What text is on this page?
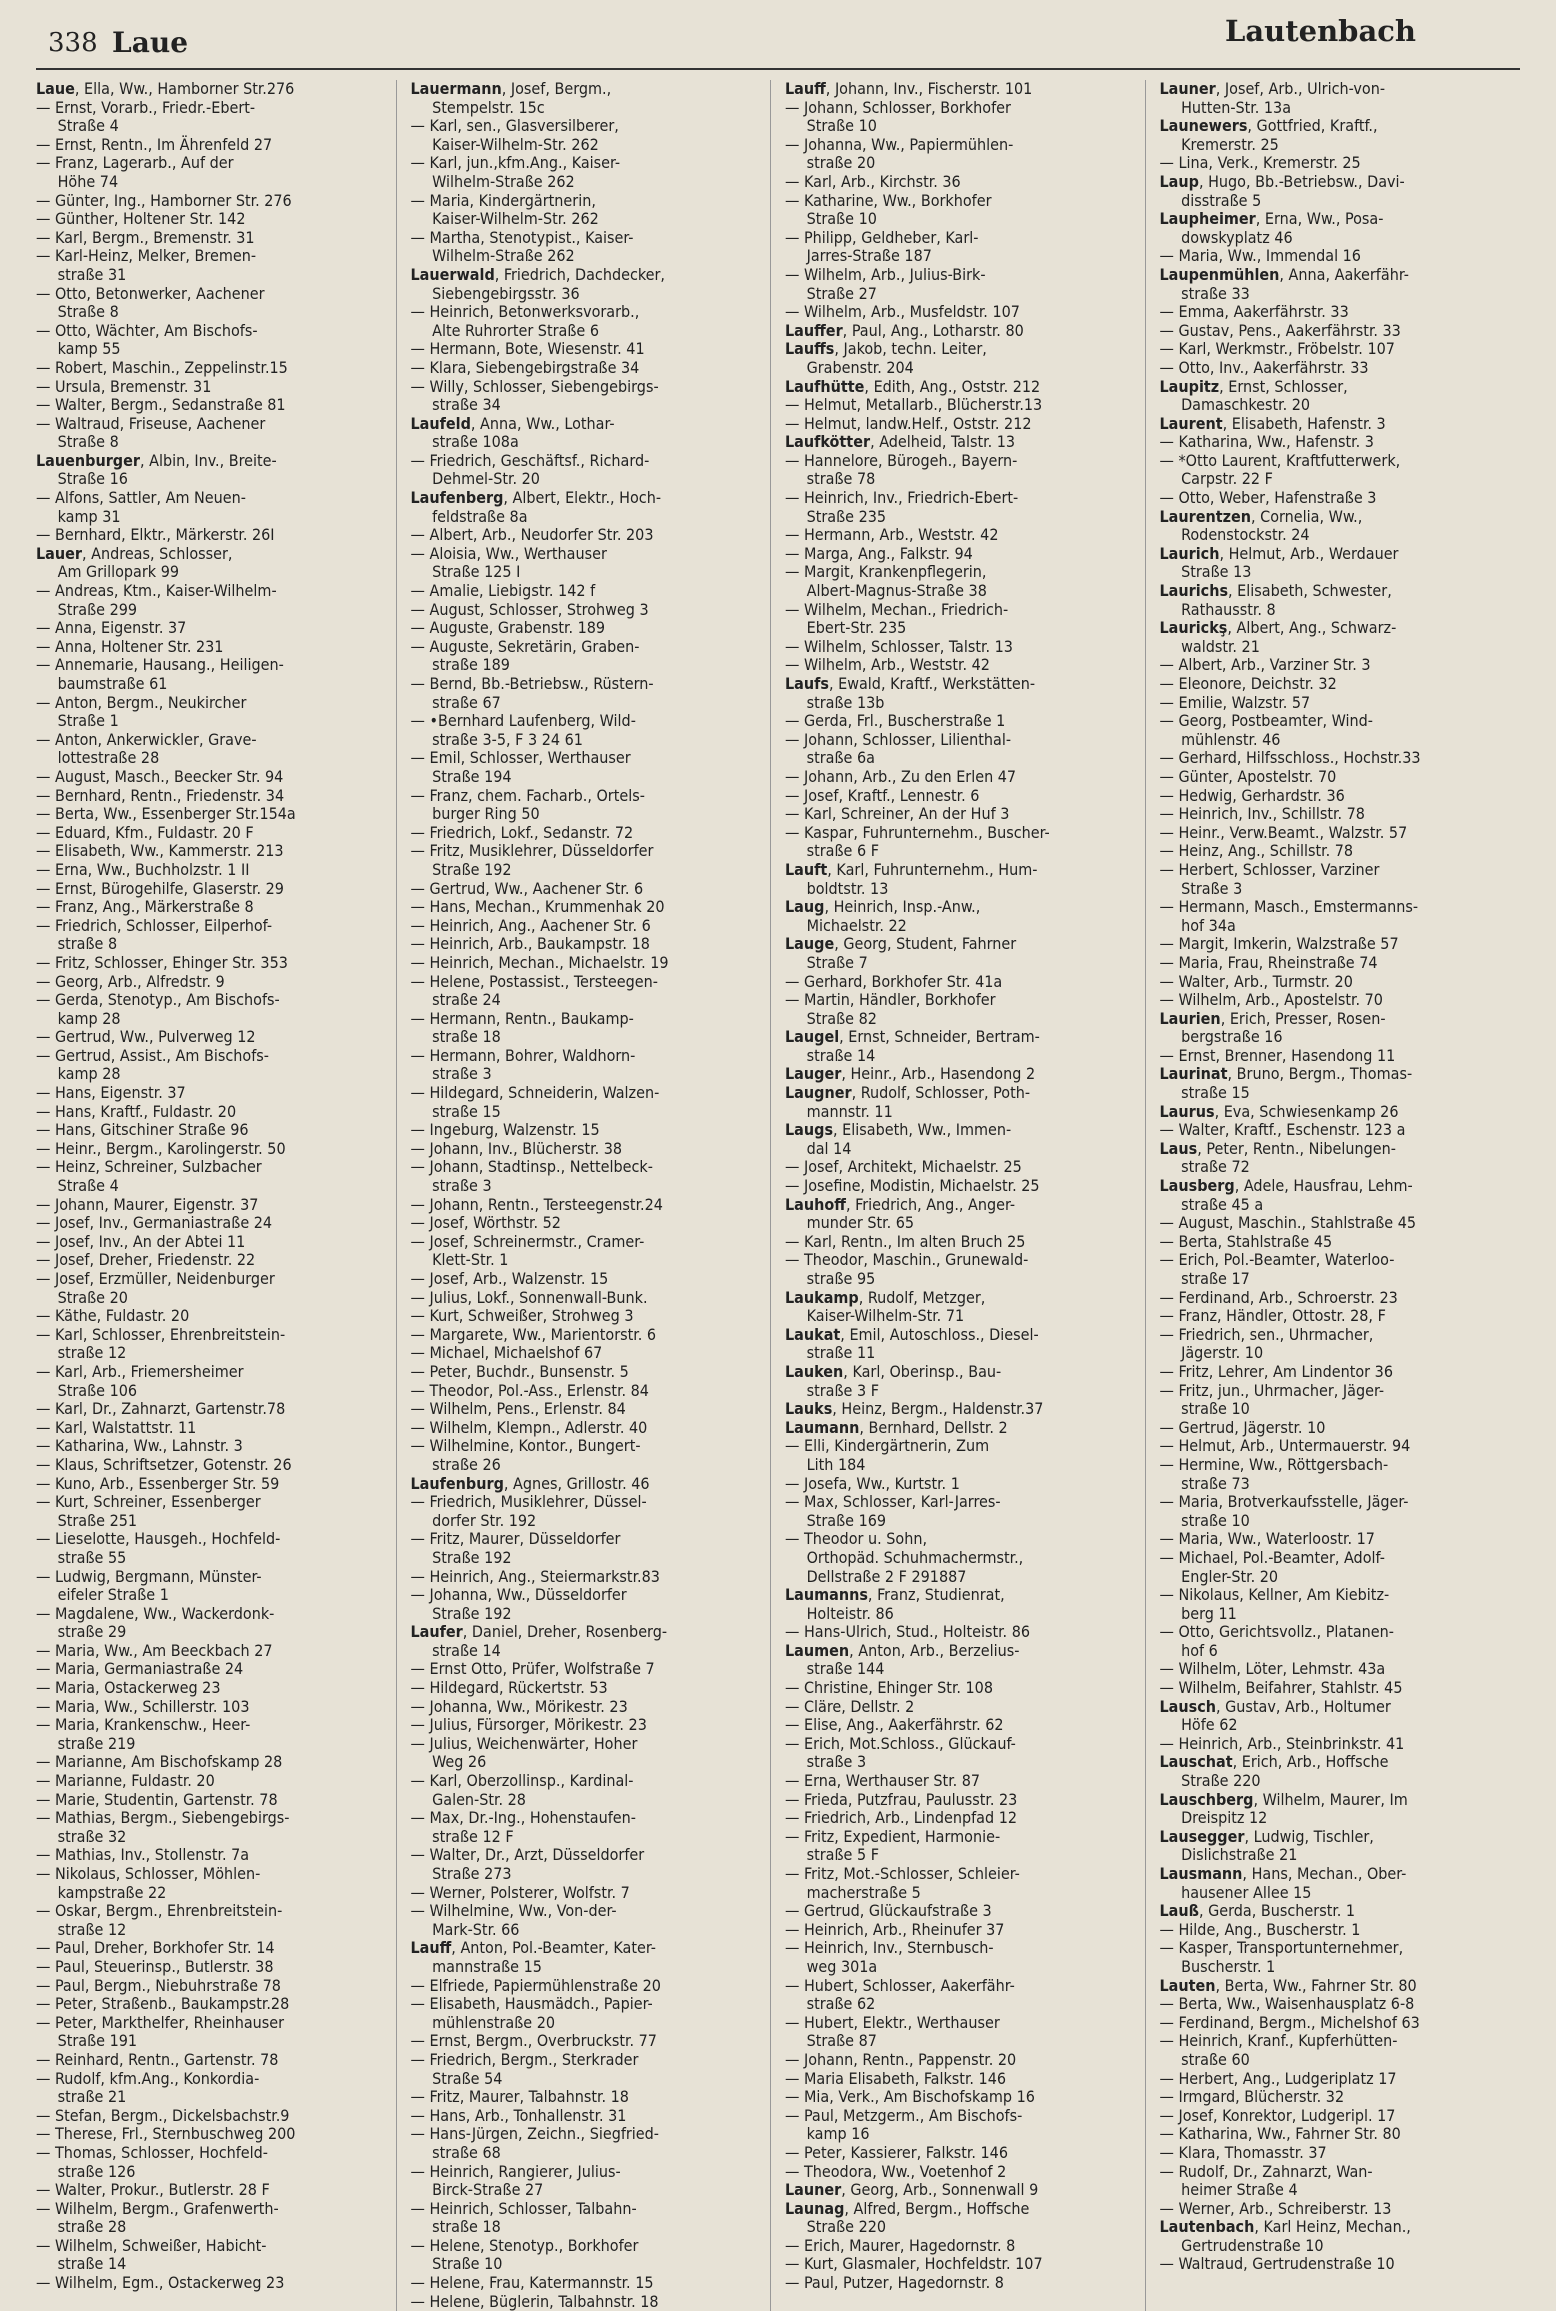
338 Laue	Lautenbach
Laue, Ella, Ww., Hamborner Str.276
— Ernst, Vorarb., Friedr.-Ebert-
  Straße 4
— Ernst, Rentn., Im Ährenfeld 27
— Franz, Lagerarb., Auf der
  Höhe 74
— Günter, Ing., Hamborner Str. 276
— Günther, Holtener Str. 142
— Karl, Bergm., Bremenstr. 31
— Karl-Heinz, Melker, Bremen-
  straße 31
— Otto, Betonwerker, Aachener
  Straße 8
— Otto, Wächter, Am Bischofs-
  kamp 55
— Robert, Maschin., Zeppelinstr.15
— Ursula, Bremenstr. 31
— Walter, Bergm., Sedanstraße 81
— Waltraud, Friseuse, Aachener
  Straße 8
Lauenburger, Albin, Inv., Breite-
  Straße 16
— Alfons, Sattler, Am Neuen-
  kamp 31
— Bernhard, Elktr., Märkerstr. 26I
Lauer, Andreas, Schlosser,
  Am Grillopark 99
— Andreas, Ktm., Kaiser-Wilhelm-
  Straße 299
— Anna, Eigenstr. 37
— Anna, Holtener Str. 231
— Annemarie, Hausang., Heiligen-
  baumstraße 61
— Anton, Bergm., Neukircher
  Straße 1
— Anton, Ankerwickler, Grave-
  lottestraße 28
— August, Masch., Beecker Str. 94
— Bernhard, Rentn., Friedenstr. 34
— Berta, Ww., Essenberger Str.154a
— Eduard, Kfm., Fuldastr. 20 F
— Elisabeth, Ww., Kammerstr. 213
— Erna, Ww., Buchholzstr. 1 II
— Ernst, Bürogehilfe, Glaserstr. 29
— Franz, Ang., Märkerstraße 8
— Friedrich, Schlosser, Eilperhof-
  straße 8
— Fritz, Schlosser, Ehinger Str. 353
— Georg, Arb., Alfredstr. 9
— Gerda, Stenotyp., Am Bischofs-
  kamp 28
— Gertrud, Ww., Pulverweg 12
— Gertrud, Assist., Am Bischofs-
  kamp 28
— Hans, Eigenstr. 37
— Hans, Kraftf., Fuldastr. 20
— Hans, Gitschiner Straße 96
— Heinr., Bergm., Karolingerstr. 50
— Heinz, Schreiner, Sulzbacher
  Straße 4
— Johann, Maurer, Eigenstr. 37
— Josef, Inv., Germaniastraße 24
— Josef, Inv., An der Abtei 11
— Josef, Dreher, Friedenstr. 22
— Josef, Erzmüller, Neidenburger
  Straße 20
— Käthe, Fuldastr. 20
— Karl, Schlosser, Ehrenbreitstein-
  straße 12
— Karl, Arb., Friemersheimer
  Straße 106
— Karl, Dr., Zahnarzt, Gartenstr.78
— Karl, Walstattstr. 11
— Katharina, Ww., Lahnstr. 3
— Klaus, Schriftsetzer, Gotenstr. 26
— Kuno, Arb., Essenberger Str. 59
— Kurt, Schreiner, Essenberger
  Straße 251
— Lieselotte, Hausgeh., Hochfeld-
  straße 55
— Ludwig, Bergmann, Münster-
  eifeler Straße 1
— Magdalene, Ww., Wackerdonk-
  straße 29
— Maria, Ww., Am Beeckbach 27
— Maria, Germaniastraße 24
— Maria, Ostackerweg 23
— Maria, Ww., Schillerstr. 103
— Maria, Krankenschw., Heer-
  straße 219
— Marianne, Am Bischofskamp 28
— Marianne, Fuldastr. 20
— Marie, Studentin, Gartenstr. 78
— Mathias, Bergm., Siebengebirgs-
  straße 32
— Mathias, Inv., Stollenstr. 7a
— Nikolaus, Schlosser, Möhlen-
  kampstraße 22
— Oskar, Bergm., Ehrenbreitstein-
  straße 12
— Paul, Dreher, Borkhofer Str. 14
— Paul, Steuerinsp., Butlerstr. 38
— Paul, Bergm., Niebuhrstraße 78
— Peter, Straßenb., Baukampstr.28
— Peter, Markthelfer, Rheinhauser
  Straße 191
— Reinhard, Rentn., Gartenstr. 78
— Rudolf, kfm.Ang., Konkordia-
  straße 21
— Stefan, Bergm., Dickelsbachstr.9
— Therese, Frl., Sternbuschweg 200
— Thomas, Schlosser, Hochfeld-
  straße 126
— Walter, Prokur., Butlerstr. 28 F
— Wilhelm, Bergm., Grafenwerth-
  straße 28
— Wilhelm, Schweißer, Habicht-
  straße 14
— Wilhelm, Egm., Ostackerweg 23
Lauermann, Josef, Bergm.,
  Stempelstr. 15c
— Karl, sen., Glasversilberer,
  Kaiser-Wilhelm-Str. 262
— Karl, jun.,kfm.Ang., Kaiser-
  Wilhelm-Straße 262
— Maria, Kindergärtnerin,
  Kaiser-Wilhelm-Str. 262
— Martha, Stenotypist., Kaiser-
  Wilhelm-Straße 262
Lauerwald, Friedrich, Dachdecker,
  Siebengebirgsstr. 36
— Heinrich, Betonwerksvorarb.,
  Alte Ruhrorter Straße 6
— Hermann, Bote, Wiesenstr. 41
— Klara, Siebengebirgstraße 34
— Willy, Schlosser, Siebengebirgs-
  straße 34
Laufeld, Anna, Ww., Lothar-
  straße 108a
— Friedrich, Geschäftsf., Richard-
  Dehmel-Str. 20
Laufenberg, Albert, Elektr., Hoch-
  feldstraße 8a
— Albert, Arb., Neudorfer Str. 203
— Aloisia, Ww., Werthauser
  Straße 125 I
— Amalie, Liebigstr. 142 f
— August, Schlosser, Strohweg 3
— Auguste, Grabenstr. 189
— Auguste, Sekretärin, Graben-
  straße 189
— Bernd, Bb.-Betriebsw., Rüstern-
  straße 67
— •Bernhard Laufenberg, Wild-
  straße 3-5, F 3 24 61
— Emil, Schlosser, Werthauser
  Straße 194
— Franz, chem. Facharb., Ortels-
  burger Ring 50
— Friedrich, Lokf., Sedanstr. 72
— Fritz, Musiklehrer, Düsseldorfer
  Straße 192
— Gertrud, Ww., Aachener Str. 6
— Hans, Mechan., Krummenhak 20
— Heinrich, Ang., Aachener Str. 6
— Heinrich, Arb., Baukampstr. 18
— Heinrich, Mechan., Michaelstr. 19
— Helene, Postassist., Tersteegen-
  straße 24
— Hermann, Rentn., Baukamp-
  straße 18
— Hermann, Bohrer, Waldhorn-
  straße 3
— Hildegard, Schneiderin, Walzen-
  straße 15
— Ingeburg, Walzenstr. 15
— Johann, Inv., Blücherstr. 38
— Johann, Stadtinsp., Nettelbeck-
  straße 3
— Johann, Rentn., Tersteegenstr.24
— Josef, Wörthstr. 52
— Josef, Schreinermstr., Cramer-
  Klett-Str. 1
— Josef, Arb., Walzenstr. 15
— Julius, Lokf., Sonnenwall-Bunk.
— Kurt, Schweißer, Strohweg 3
— Margarete, Ww., Marientorstr. 6
— Michael, Michaelshof 67
— Peter, Buchdr., Bunsenstr. 5
— Theodor, Pol.-Ass., Erlenstr. 84
— Wilhelm, Pens., Erlenstr. 84
— Wilhelm, Klempn., Adlerstr. 40
— Wilhelmine, Kontor., Bungert-
  straße 26
Laufenburg, Agnes, Grillostr. 46
— Friedrich, Musiklehrer, Düssel-
  dorfer Str. 192
— Fritz, Maurer, Düsseldorfer
  Straße 192
— Heinrich, Ang., Steiermarkstr.83
— Johanna, Ww., Düsseldorfer
  Straße 192
Laufer, Daniel, Dreher, Rosenberg-
  straße 14
— Ernst Otto, Prüfer, Wolfstraße 7
— Hildegard, Rückertstr. 53
— Johanna, Ww., Mörikestr. 23
— Julius, Fürsorger, Mörikestr. 23
— Julius, Weichenwärter, Hoher
  Weg 26
— Karl, Oberzollinsp., Kardinal-
  Galen-Str. 28
— Max, Dr.-Ing., Hohenstaufen-
  straße 12 F
— Walter, Dr., Arzt, Düsseldorfer
  Straße 273
— Werner, Polsterer, Wolfstr. 7
— Wilhelmine, Ww., Von-der-
  Mark-Str. 66
Lauff, Anton, Pol.-Beamter, Kater-
  mannstraße 15
— Elfriede, Papiermühlenstraße 20
— Elisabeth, Hausmädch., Papier-
  mühlenstraße 20
— Ernst, Bergm., Overbruckstr. 77
— Friedrich, Bergm., Sterkrader
  Straße 54
— Fritz, Maurer, Talbahnstr. 18
— Hans, Arb., Tonhallenstr. 31
— Hans-Jürgen, Zeichn., Siegfried-
  straße 68
— Heinrich, Rangierer, Julius-
  Birck-Straße 27
— Heinrich, Schlosser, Talbahn-
  straße 18
— Helene, Stenotyp., Borkhofer
  Straße 10
— Helene, Frau, Katermannstr. 15
— Helene, Büglerin, Talbahnstr. 18
Lauff, Johann, Inv., Fischerstr. 101
— Johann, Schlosser, Borkhofer
  Straße 10
— Johanna, Ww., Papiermühlen-
  straße 20
— Karl, Arb., Kirchstr. 36
— Katharine, Ww., Borkhofer
  Straße 10
— Philipp, Geldheber, Karl-
  Jarres-Straße 187
— Wilhelm, Arb., Julius-Birk-
  Straße 27
— Wilhelm, Arb., Musfeldstr. 107
Lauffer, Paul, Ang., Lotharstr. 80
Lauffs, Jakob, techn. Leiter,
  Grabenstr. 204
Laufhütte, Edith, Ang., Oststr. 212
— Helmut, Metallarb., Blücherstr.13
— Helmut, landw.Helf., Oststr. 212
Laufkötter, Adelheid, Talstr. 13
— Hannelore, Bürogeh., Bayern-
  straße 78
— Heinrich, Inv., Friedrich-Ebert-
  Straße 235
— Hermann, Arb., Weststr. 42
— Marga, Ang., Falkstr. 94
— Margit, Krankenpflegerin,
  Albert-Magnus-Straße 38
— Wilhelm, Mechan., Friedrich-
  Ebert-Str. 235
— Wilhelm, Schlosser, Talstr. 13
— Wilhelm, Arb., Weststr. 42
Laufs, Ewald, Kraftf., Werkstätten-
  straße 13b
— Gerda, Frl., Buscherstraße 1
— Johann, Schlosser, Lilienthal-
  straße 6a
— Johann, Arb., Zu den Erlen 47
— Josef, Kraftf., Lennestr. 6
— Karl, Schreiner, An der Huf 3
— Kaspar, Fuhrunternehm., Buscher-
  straße 6 F
Lauft, Karl, Fuhrunternehm., Hum-
  boldtstr. 13
Laug, Heinrich, Insp.-Anw.,
  Michaelstr. 22
Lauge, Georg, Student, Fahrner
  Straße 7
— Gerhard, Borkhofer Str. 41a
— Martin, Händler, Borkhofer
  Straße 82
Laugel, Ernst, Schneider, Bertram-
  straße 14
Lauger, Heinr., Arb., Hasendong 2
Laugner, Rudolf, Schlosser, Poth-
  mannstr. 11
Laugs, Elisabeth, Ww., Immen-
  dal 14
— Josef, Architekt, Michaelstr. 25
— Josefine, Modistin, Michaelstr. 25
Lauhoff, Friedrich, Ang., Anger-
  munder Str. 65
— Karl, Rentn., Im alten Bruch 25
— Theodor, Maschin., Grunewald-
  straße 95
Laukamp, Rudolf, Metzger,
  Kaiser-Wilhelm-Str. 71
Laukat, Emil, Autoschloss., Diesel-
  straße 11
Lauken, Karl, Oberinsp., Bau-
  straße 3 F
Lauks, Heinz, Bergm., Haldenstr.37
Laumann, Bernhard, Dellstr. 2
— Elli, Kindergärtnerin, Zum
  Lith 184
— Josefa, Ww., Kurtstr. 1
— Max, Schlosser, Karl-Jarres-
  Straße 169
— Theodor u. Sohn,
  Orthopäd. Schuhmachermstr.,
  Dellstraße 2 F 291887
Laumanns, Franz, Studienrat,
  Holteistr. 86
— Hans-Ulrich, Stud., Holteistr. 86
Laumen, Anton, Arb., Berzelius-
  straße 144
— Christine, Ehinger Str. 108
— Cläre, Dellstr. 2
— Elise, Ang., Aakerfährstr. 62
— Erich, Mot.Schloss., Glückauf-
  straße 3
— Erna, Werthauser Str. 87
— Frieda, Putzfrau, Paulusstr. 23
— Friedrich, Arb., Lindenpfad 12
— Fritz, Expedient, Harmonie-
  straße 5 F
— Fritz, Mot.-Schlosser, Schleier-
  macherstraße 5
— Gertrud, Glückaufstraße 3
— Heinrich, Arb., Rheinufer 37
— Heinrich, Inv., Sternbusch-
  weg 301a
— Hubert, Schlosser, Aakerfähr-
  straße 62
— Hubert, Elektr., Werthauser
  Straße 87
— Johann, Rentn., Pappenstr. 20
— Maria Elisabeth, Falkstr. 146
— Mia, Verk., Am Bischofskamp 16
— Paul, Metzgerm., Am Bischofs-
  kamp 16
— Peter, Kassierer, Falkstr. 146
— Theodora, Ww., Voetenhof 2
Launer, Georg, Arb., Sonnenwall 9
Launag, Alfred, Bergm., Hoffsche
  Straße 220
— Erich, Maurer, Hagedornstr. 8
— Kurt, Glasmaler, Hochfeldstr. 107
— Paul, Putzer, Hagedornstr. 8
Launer, Josef, Arb., Ulrich-von-
  Hutten-Str. 13a
Launewers, Gottfried, Kraftf.,
  Kremerstr. 25
— Lina, Verk., Kremerstr. 25
Laup, Hugo, Bb.-Betriebsw., Davi-
  disstraße 5
Laupheimer, Erna, Ww., Posa-
  dowskyplatz 46
— Maria, Ww., Immendal 16
Laupenmühlen, Anna, Aakerfähr-
  straße 33
— Emma, Aakerfährstr. 33
— Gustav, Pens., Aakerfährstr. 33
— Karl, Werkmstr., Fröbelstr. 107
— Otto, Inv., Aakerfährstr. 33
Laupitz, Ernst, Schlosser,
  Damaschkestr. 20
Laurent, Elisabeth, Hafenstr. 3
— Katharina, Ww., Hafenstr. 3
— *Otto Laurent, Kraftfutterwerk,
  Carpstr. 22 F
— Otto, Weber, Hafenstraße 3
Laurentzen, Cornelia, Ww.,
  Rodenstockstr. 24
Laurich, Helmut, Arb., Werdauer
  Straße 13
Laurichs, Elisabeth, Schwester,
  Rathausstr. 8
Laurickş, Albert, Ang., Schwarz-
  waldstr. 21
— Albert, Arb., Varziner Str. 3
— Eleonore, Deichstr. 32
— Emilie, Walzstr. 57
— Georg, Postbeamter, Wind-
  mühlenstr. 46
— Gerhard, Hilfsschloss., Hochstr.33
— Günter, Apostelstr. 70
— Hedwig, Gerhardstr. 36
— Heinrich, Inv., Schillstr. 78
— Heinr., Verw.Beamt., Walzstr. 57
— Heinz, Ang., Schillstr. 78
— Herbert, Schlosser, Varziner
  Straße 3
— Hermann, Masch., Emstermanns-
  hof 34a
— Margit, Imkerin, Walzstraße 57
— Maria, Frau, Rheinstraße 74
— Walter, Arb., Turmstr. 20
— Wilhelm, Arb., Apostelstr. 70
Laurien, Erich, Presser, Rosen-
  bergstraße 16
— Ernst, Brenner, Hasendong 11
Laurinat, Bruno, Bergm., Thomas-
  straße 15
Laurus, Eva, Schwiesenkamp 26
— Walter, Kraftf., Eschenstr. 123 a
Laus, Peter, Rentn., Nibelungen-
  straße 72
Lausberg, Adele, Hausfrau, Lehm-
  straße 45 a
— August, Maschin., Stahlstraße 45
— Berta, Stahlstraße 45
— Erich, Pol.-Beamter, Waterloo-
  straße 17
— Ferdinand, Arb., Schroerstr. 23
— Franz, Händler, Ottostr. 28, F
— Friedrich, sen., Uhrmacher,
  Jägerstr. 10
— Fritz, Lehrer, Am Lindentor 36
— Fritz, jun., Uhrmacher, Jäger-
  straße 10
— Gertrud, Jägerstr. 10
— Helmut, Arb., Untermauerstr. 94
— Hermine, Ww., Röttgersbach-
  straße 73
— Maria, Brotverkaufsstelle, Jäger-
  straße 10
— Maria, Ww., Waterloostr. 17
— Michael, Pol.-Beamter, Adolf-
  Engler-Str. 20
— Nikolaus, Kellner, Am Kiebitz-
  berg 11
— Otto, Gerichtsvollz., Platanen-
  hof 6
— Wilhelm, Löter, Lehmstr. 43a
— Wilhelm, Beifahrer, Stahlstr. 45
Lausch, Gustav, Arb., Holtumer
  Höfe 62
— Heinrich, Arb., Steinbrinkstr. 41
Lauschat, Erich, Arb., Hoffsche
  Straße 220
Lauschberg, Wilhelm, Maurer, Im
  Dreispitz 12
Lausegger, Ludwig, Tischler,
  Dislichstraße 21
Lausmann, Hans, Mechan., Ober-
  hausener Allee 15
Lauß, Gerda, Buscherstr. 1
— Hilde, Ang., Buscherstr. 1
— Kasper, Transportunternehmer,
  Buscherstr. 1
Lauten, Berta, Ww., Fahrner Str. 80
— Berta, Ww., Waisenhausplatz 6-8
— Ferdinand, Bergm., Michelshof 63
— Heinrich, Kranf., Kupferhütten-
  straße 60
— Herbert, Ang., Ludgeriplatz 17
— Irmgard, Blücherstr. 32
— Josef, Konrektor, Ludgeripl. 17
— Katharina, Ww., Fahrner Str. 80
— Klara, Thomasstr. 37
— Rudolf, Dr., Zahnarzt, Wan-
  heimer Straße 4
— Werner, Arb., Schreiberstr. 13
Lautenbach, Karl Heinz, Mechan.,
  Gertrudenstraße 10
— Waltraud, Gertrudenstraße 10
